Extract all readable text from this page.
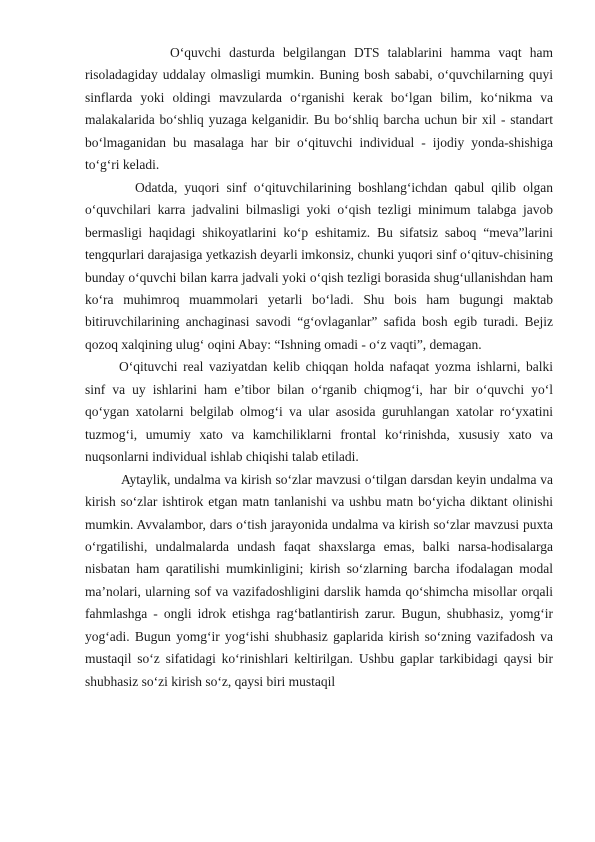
O‘quvchi dasturda belgilangan DTS talablarini hamma vaqt ham risoladagiday uddalay olmasligi mumkin. Buning bosh sababi, o‘quvchilarning quyi sinflarda yoki oldingi mavzularda o‘rganishi kerak bo‘lgan bilim, ko‘nikma va malakalarida bo‘shliq yuzaga kelganidir. Bu bo‘shliq barcha uchun bir xil - standart bo‘lmaganidan bu masalaga har bir o‘qituvchi individual - ijodiy yonda-shishiga to‘g‘ri keladi.

Odatda, yuqori sinf o‘qituvchilarining boshlang‘ichdan qabul qilib olgan o‘quvchilari karra jadvalini bilmasligi yoki o‘qish tezligi minimum talabga javob bermasligi haqidagi shikoyatlarini ko‘p eshitamiz. Bu sifatsiz saboq “meva”larini tengqurlari darajasiga yetkazish deyarli imkonsiz, chunki yuqori sinf o‘qituv-chisining bunday o‘quvchi bilan karra jadvali yoki o‘qish tezligi borasida shug‘ullanishdan ham ko‘ra muhimroq muammolari yetarli bo‘ladi. Shu bois ham bugungi maktab bitiruvchilarining anchaginasi savodi “g‘ovlaganlar” safida bosh egib turadi. Bejiz qozoq xalqining ulug‘ oqini Abay: “Ishning omadi - o‘z vaqti”, demagan.

O‘qituvchi real vaziyatdan kelib chiqqan holda nafaqat yozma ishlarni, balki sinf va uy ishlarini ham e’tibor bilan o‘rganib chiqmog‘i, har bir o‘quvchi yo‘l qo‘ygan xatolarni belgilab olmog‘i va ular asosida guruhlangan xatolar ro‘yxatini tuzmog‘i, umumiy xato va kamchiliklarni frontal ko‘rinishda, xususiy xato va nuqsonlarni individual ishlab chiqishi talab etiladi.

Aytaylik, undalma va kirish so‘zlar mavzusi o‘tilgan darsdan keyin undalma va kirish so‘zlar ishtirok etgan matn tanlanishi va ushbu matn bo‘yicha diktant olinishi mumkin. Avvalambor, dars o‘tish jarayonida undalma va kirish so‘zlar mavzusi puxta o‘rgatilishi, undalmalarda undash faqat shaxslarga emas, balki narsa-hodisalarga nisbatan ham qaratilishi mumkinligini; kirish so‘zlarning barcha ifodalagan modal ma’nolari, ularning sof va vazifadoshligini darslik hamda qo‘shimcha misollar orqali fahmlashga - ongli idrok etishga rag‘batlantirish zarur. Bugun, shubhasiz, yomg‘ir yog‘adi. Bugun yomg‘ir yog‘ishi shubhasiz gaplarida kirish so‘zning vazifadosh va mustaqil so‘z sifatidagi ko‘rinishlari keltirilgan. Ushbu gaplar tarkibidagi qaysi bir shubhasiz so‘zi kirish so‘z, qaysi biri mustaqil
